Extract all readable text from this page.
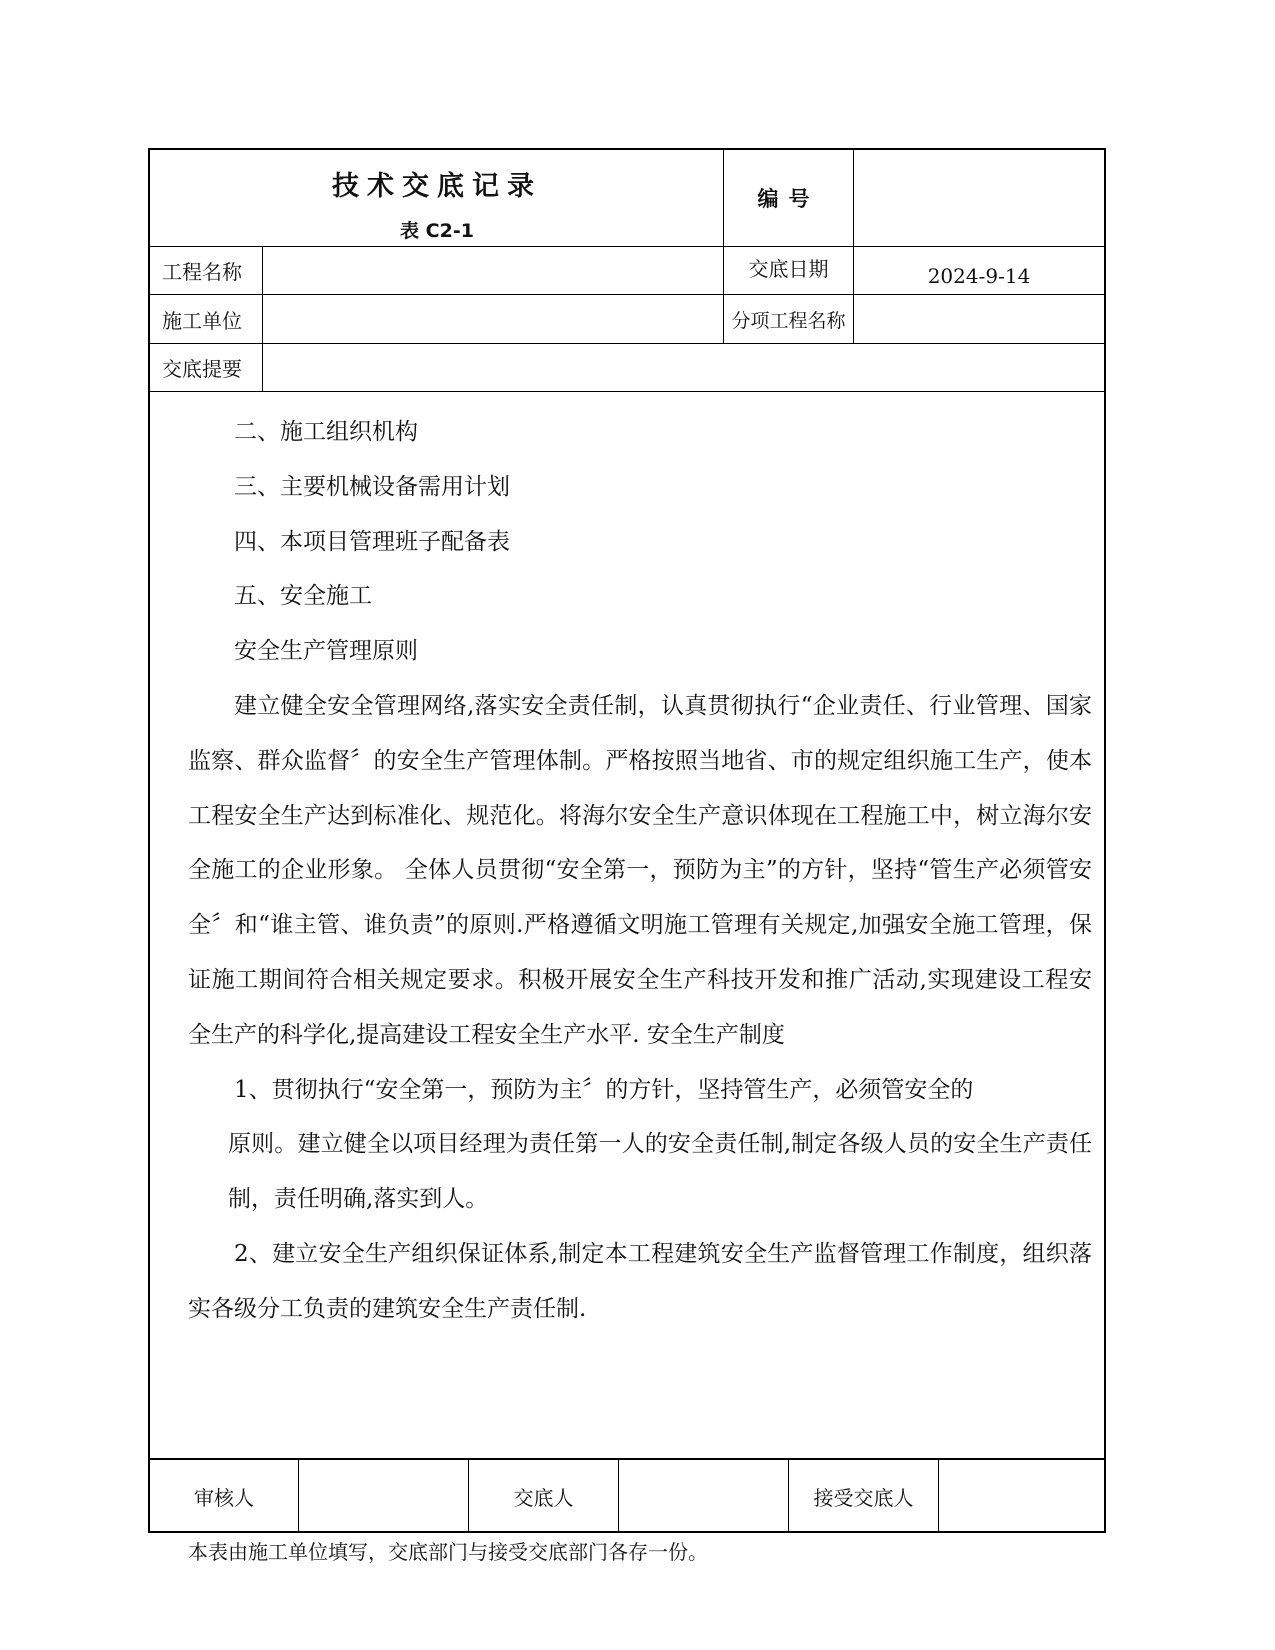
技术交底记录
表 C2-1
编号
工程名称	交底日期	2024-9-14
施工单位	分项工程名称
交底提要

二、施工组织机构

三、主要机械设备需用计划

四、本项目管理班子配备表

五、安全施工

安全生产管理原则

建立健全安全管理网络,落实安全责任制，认真贯彻执行“企业责任、行业管理、国家监察、群众监督〞的安全生产管理体制。严格按照当地省、市的规定组织施工生产，使本工程安全生产达到标准化、规范化。将海尔安全生产意识体现在工程施工中，树立海尔安全施工的企业形象。 全体人员贯彻“安全第一，预防为主”的方针，坚持“管生产必须管安全〞和“谁主管、谁负责”的原则.严格遵循文明施工管理有关规定,加强安全施工管理，保证施工期间符合相关规定要求。积极开展安全生产科技开发和推广活动,实现建设工程安全生产的科学化,提高建设工程安全生产水平. 安全生产制度

1、贯彻执行“安全第一，预防为主〞的方针，坚持管生产，必须管安全的

原则。建立健全以项目经理为责任第一人的安全责任制,制定各级人员的安全生产责任制，责任明确,落实到人。

2、建立安全生产组织保证体系,制定本工程建筑安全生产监督管理工作制度，组织落实各级分工负责的建筑安全生产责任制.

审核人	交底人	接受交底人
本表由施工单位填写，交底部门与接受交底部门各存一份。
